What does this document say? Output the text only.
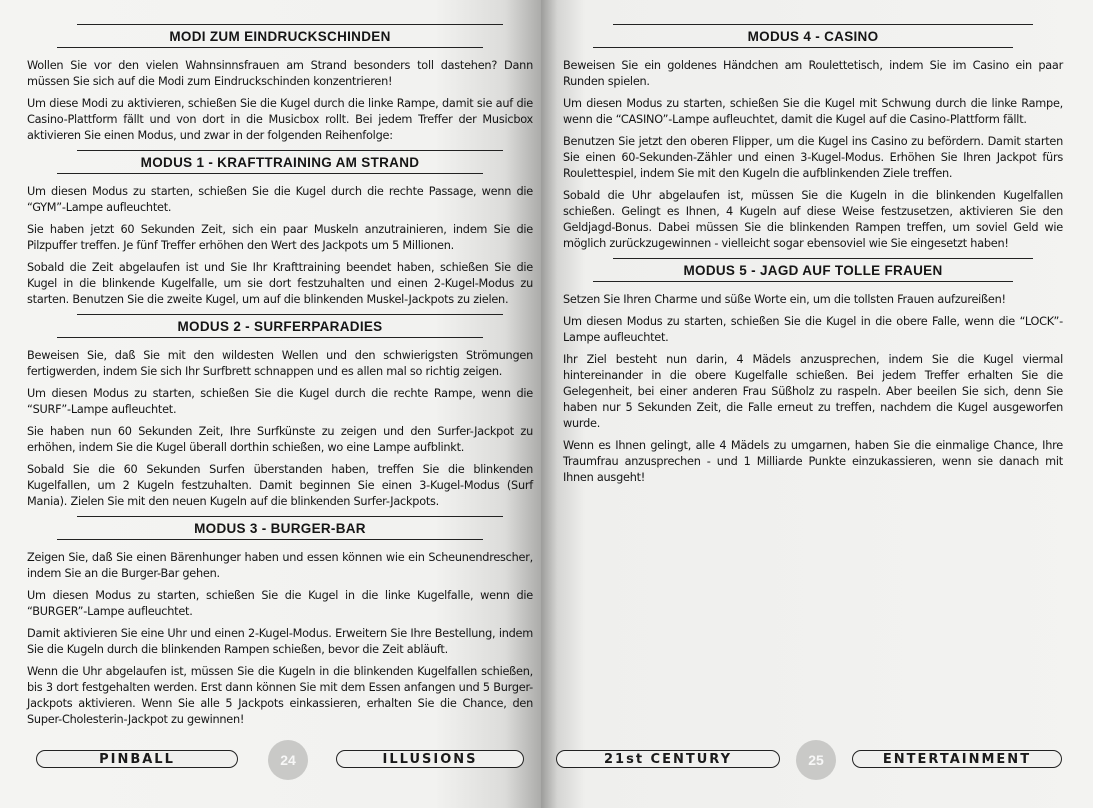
MODI ZUM EINDRUCKSCHINDEN

Wollen Sie vor den vielen Wahnsinnsfrauen am Strand besonders toll dastehen? Dann müssen Sie sich auf die Modi zum Eindruckschinden konzentrieren!

Um diese Modi zu aktivieren, schießen Sie die Kugel durch die linke Rampe, damit sie auf die Casino-Plattform fällt und von dort in die Musicbox rollt. Bei jedem Treffer der Musicbox aktivieren Sie einen Modus, und zwar in der folgenden Reihenfolge:

MODUS 1 - KRAFTTRAINING AM STRAND

Um diesen Modus zu starten, schießen Sie die Kugel durch die rechte Passage, wenn die “GYM”-Lampe aufleuchtet.

Sie haben jetzt 60 Sekunden Zeit, sich ein paar Muskeln anzutrainieren, indem Sie die Pilzpuffer treffen. Je fünf Treffer erhöhen den Wert des Jackpots um 5 Millionen.

Sobald die Zeit abgelaufen ist und Sie Ihr Krafttraining beendet haben, schießen Sie die Kugel in die blinkende Kugelfalle, um sie dort festzuhalten und einen 2-Kugel-Modus zu starten. Benutzen Sie die zweite Kugel, um auf die blinkenden Muskel-Jackpots zu zielen.

MODUS 2 - SURFERPARADIES

Beweisen Sie, daß Sie mit den wildesten Wellen und den schwierigsten Strömungen fertigwerden, indem Sie sich Ihr Surfbrett schnappen und es allen mal so richtig zeigen.

Um diesen Modus zu starten, schießen Sie die Kugel durch die rechte Rampe, wenn die “SURF”-Lampe aufleuchtet.

Sie haben nun 60 Sekunden Zeit, Ihre Surfkünste zu zeigen und den Surfer-Jackpot zu erhöhen, indem Sie die Kugel überall dorthin schießen, wo eine Lampe aufblinkt.

Sobald Sie die 60 Sekunden Surfen überstanden haben, treffen Sie die blinkenden Kugelfallen, um 2 Kugeln festzuhalten. Damit beginnen Sie einen 3-Kugel-Modus (Surf Mania). Zielen Sie mit den neuen Kugeln auf die blinkenden Surfer-Jackpots.

MODUS 3 - BURGER-BAR

Zeigen Sie, daß Sie einen Bärenhunger haben und essen können wie ein Scheunendrescher, indem Sie an die Burger-Bar gehen.

Um diesen Modus zu starten, schießen Sie die Kugel in die linke Kugelfalle, wenn die “BURGER”-Lampe aufleuchtet.

Damit aktivieren Sie eine Uhr und einen 2-Kugel-Modus. Erweitern Sie Ihre Bestellung, indem Sie die Kugeln durch die blinkenden Rampen schießen, bevor die Zeit abläuft.

Wenn die Uhr abgelaufen ist, müssen Sie die Kugeln in die blinkenden Kugelfallen schießen, bis 3 dort festgehalten werden. Erst dann können Sie mit dem Essen anfangen und 5 Burger-Jackpots aktivieren. Wenn Sie alle 5 Jackpots einkassieren, erhalten Sie die Chance, den Super-Cholesterin-Jackpot zu gewinnen!

PINBALL	24	ILLUSIONS
MODUS 4 - CASINO

Beweisen Sie ein goldenes Händchen am Roulettetisch, indem Sie im Casino ein paar Runden spielen.

Um diesen Modus zu starten, schießen Sie die Kugel mit Schwung durch die linke Rampe, wenn die “CASINO”-Lampe aufleuchtet, damit die Kugel auf die Casino-Plattform fällt.

Benutzen Sie jetzt den oberen Flipper, um die Kugel ins Casino zu befördern. Damit starten Sie einen 60-Sekunden-Zähler und einen 3-Kugel-Modus. Erhöhen Sie Ihren Jackpot fürs Roulettespiel, indem Sie mit den Kugeln die aufblinkenden Ziele treffen.

Sobald die Uhr abgelaufen ist, müssen Sie die Kugeln in die blinkenden Kugelfallen schießen. Gelingt es Ihnen, 4 Kugeln auf diese Weise festzusetzen, aktivieren Sie den Geldjagd-Bonus. Dabei müssen Sie die blinkenden Rampen treffen, um soviel Geld wie möglich zurückzugewinnen - vielleicht sogar ebensoviel wie Sie eingesetzt haben!

MODUS 5 - JAGD AUF TOLLE FRAUEN

Setzen Sie Ihren Charme und süße Worte ein, um die tollsten Frauen aufzureißen!

Um diesen Modus zu starten, schießen Sie die Kugel in die obere Falle, wenn die “LOCK”-Lampe aufleuchtet.

Ihr Ziel besteht nun darin, 4 Mädels anzusprechen, indem Sie die Kugel viermal hintereinander in die obere Kugelfalle schießen. Bei jedem Treffer erhalten Sie die Gelegenheit, bei einer anderen Frau Süßholz zu raspeln. Aber beeilen Sie sich, denn Sie haben nur 5 Sekunden Zeit, die Falle erneut zu treffen, nachdem die Kugel ausgeworfen wurde.

Wenn es Ihnen gelingt, alle 4 Mädels zu umgarnen, haben Sie die einmalige Chance, Ihre Traumfrau anzusprechen - und 1 Milliarde Punkte einzukassieren, wenn sie danach mit Ihnen ausgeht!

21st CENTURY	25	ENTERTAINMENT
